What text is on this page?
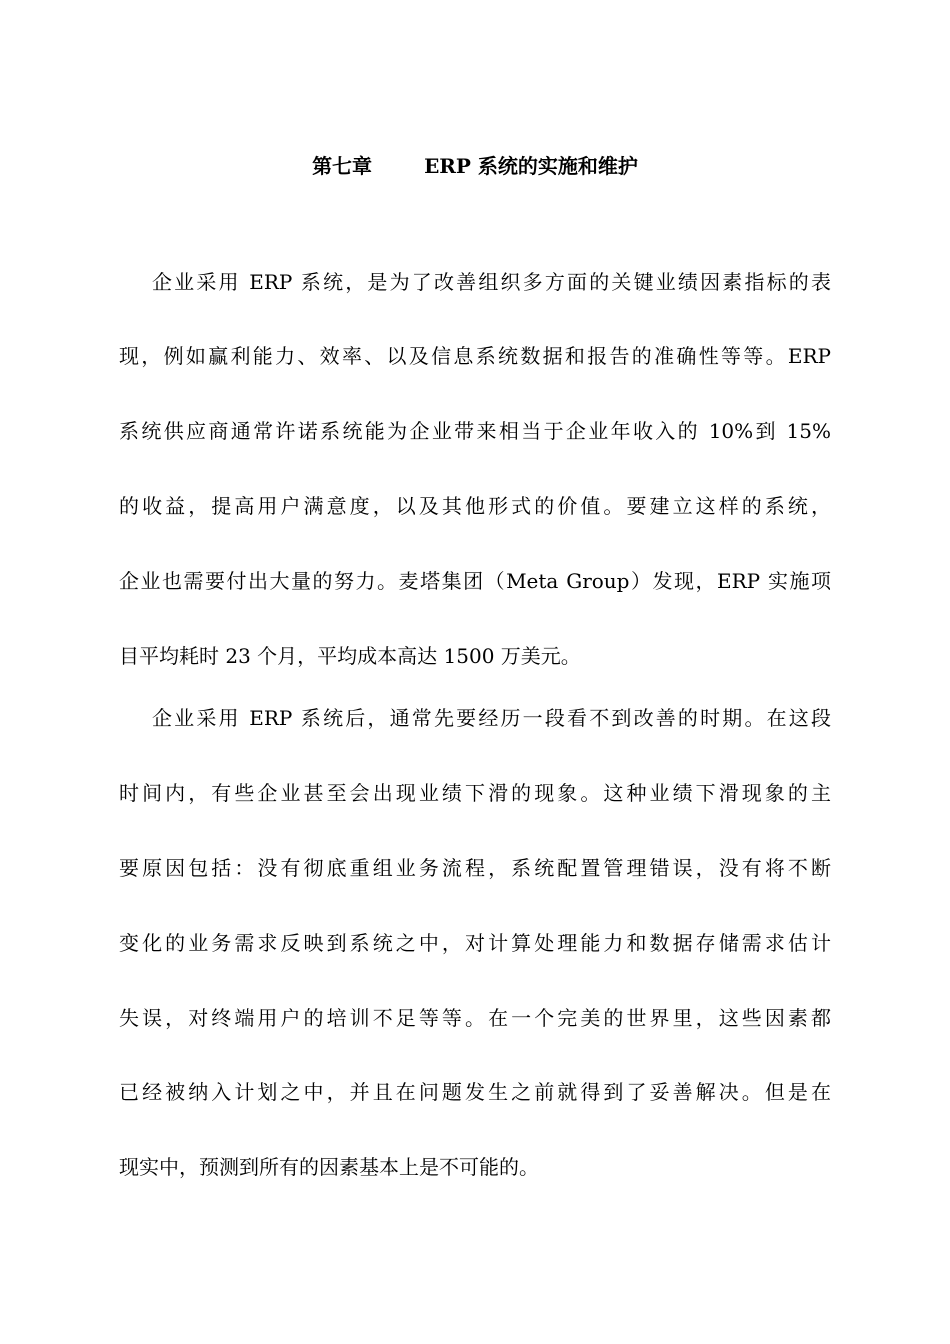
第七章	ERP 系统的实施和维护
企业采用 ERP 系统，是为了改善组织多方面的关键业绩因素指标的表
现，例如赢利能力、效率、以及信息系统数据和报告的准确性等等。ERP
系统供应商通常许诺系统能为企业带来相当于企业年收入的 10%到 15%
的收益，提高用户满意度，以及其他形式的价值。要建立这样的系统，
企业也需要付出大量的努力。麦塔集团（Meta Group）发现，ERP 实施项
目平均耗时 23 个月，平均成本高达 1500 万美元。
企业采用 ERP 系统后，通常先要经历一段看不到改善的时期。在这段
时间内，有些企业甚至会出现业绩下滑的现象。这种业绩下滑现象的主
要原因包括：没有彻底重组业务流程，系统配置管理错误，没有将不断
变化的业务需求反映到系统之中，对计算处理能力和数据存储需求估计
失误，对终端用户的培训不足等等。在一个完美的世界里，这些因素都
已经被纳入计划之中，并且在问题发生之前就得到了妥善解决。但是在
现实中，预测到所有的因素基本上是不可能的。
